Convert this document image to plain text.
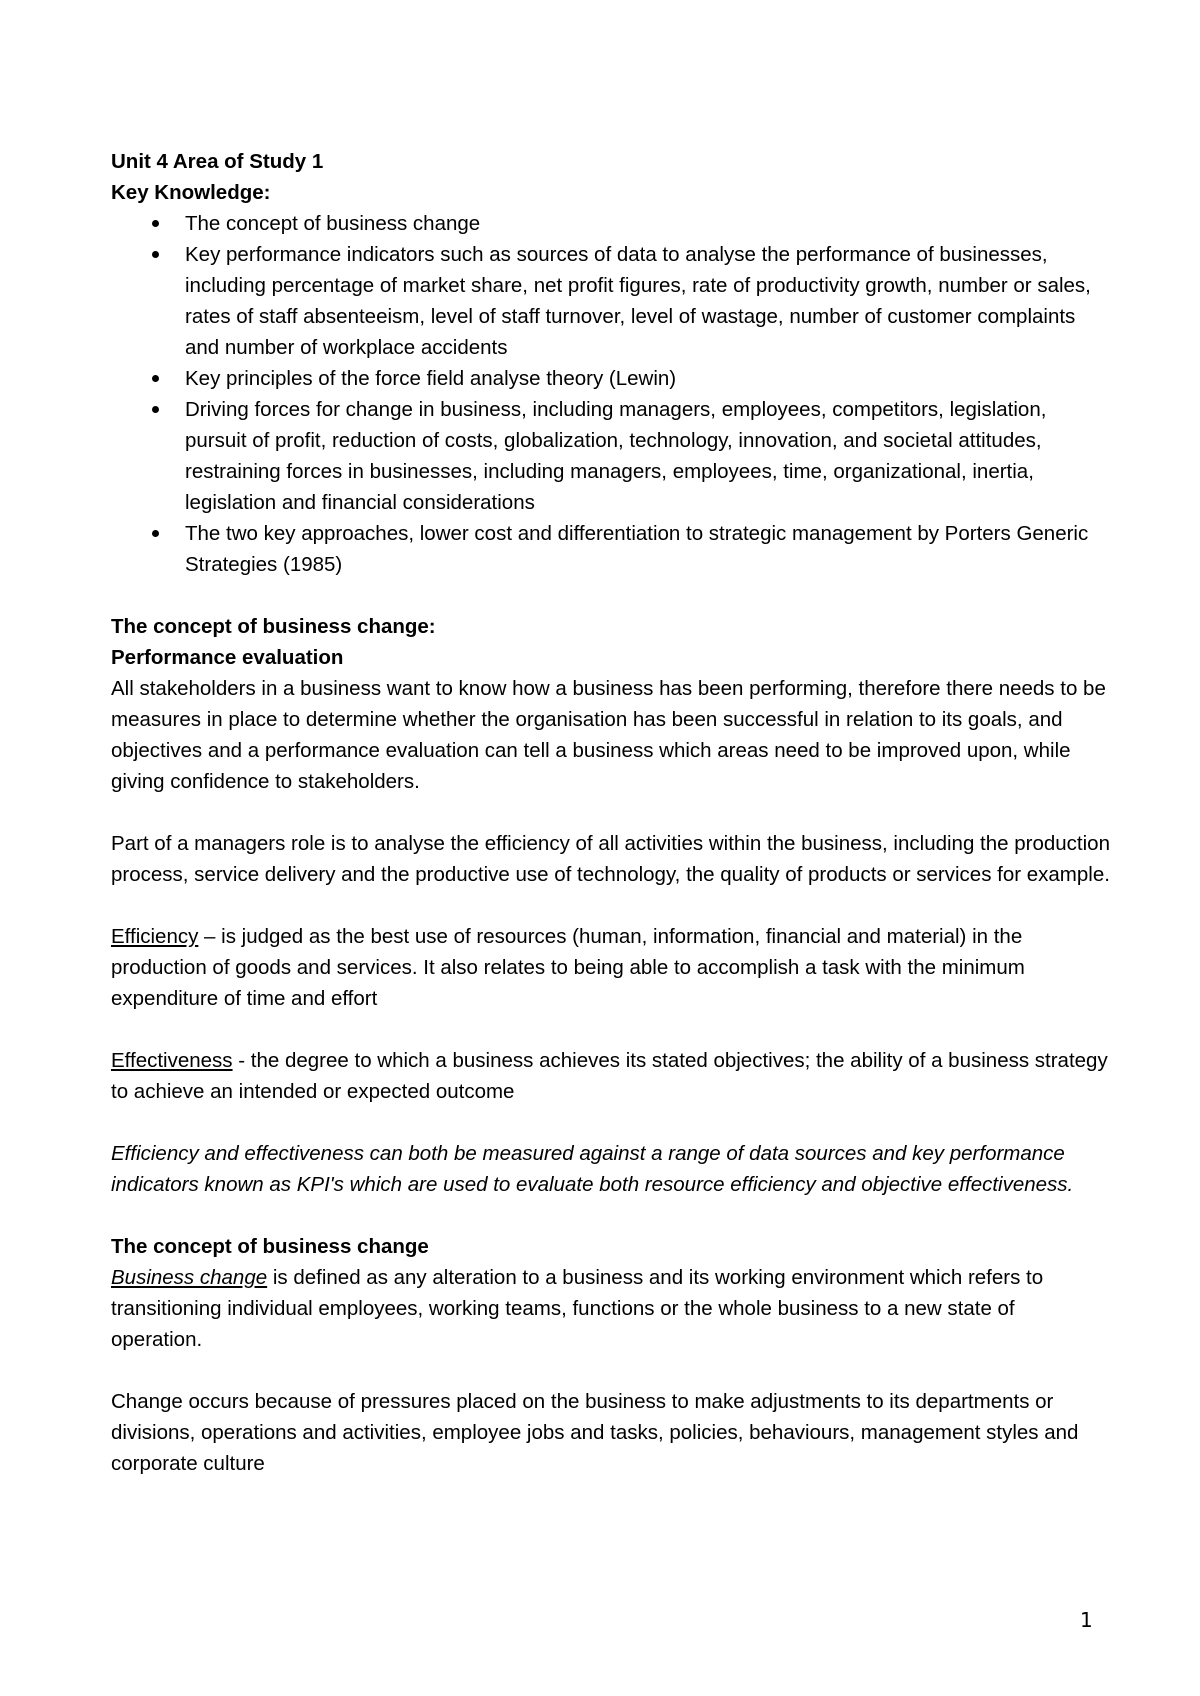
Unit 4 Area of Study 1

Key Knowledge:

The concept of business change
Key performance indicators such as sources of data to analyse the performance of businesses, including percentage of market share, net profit figures, rate of productivity growth, number or sales, rates of staff absenteeism, level of staff turnover, level of wastage, number of customer complaints and number of workplace accidents
Key principles of the force field analyse theory (Lewin)
Driving forces for change in business, including managers, employees, competitors, legislation, pursuit of profit, reduction of costs, globalization, technology, innovation, and societal attitudes, restraining forces in businesses, including managers, employees, time, organizational, inertia, legislation and financial considerations
The two key approaches, lower cost and differentiation to strategic management by Porters Generic Strategies (1985)

The concept of business change:

Performance evaluation

All stakeholders in a business want to know how a business has been performing, therefore there needs to be measures in place to determine whether the organisation has been successful in relation to its goals, and objectives and a performance evaluation can tell a business which areas need to be improved upon, while giving confidence to stakeholders.

Part of a managers role is to analyse the efficiency of all activities within the business, including the production process, service delivery and the productive use of technology, the quality of products or services for example.

Efficiency – is judged as the best use of resources (human, information, financial and material) in the production of goods and services. It also relates to being able to accomplish a task with the minimum expenditure of time and effort

Effectiveness - the degree to which a business achieves its stated objectives; the ability of a business strategy to achieve an intended or expected outcome

Efficiency and effectiveness can both be measured against a range of data sources and key performance indicators known as KPI's which are used to evaluate both resource efficiency and objective effectiveness.

The concept of business change

Business change is defined as any alteration to a business and its working environment which refers to transitioning individual employees, working teams, functions or the whole business to a new state of operation.

Change occurs because of pressures placed on the business to make adjustments to its departments or divisions, operations and activities, employee jobs and tasks, policies, behaviours, management styles and corporate culture

1
